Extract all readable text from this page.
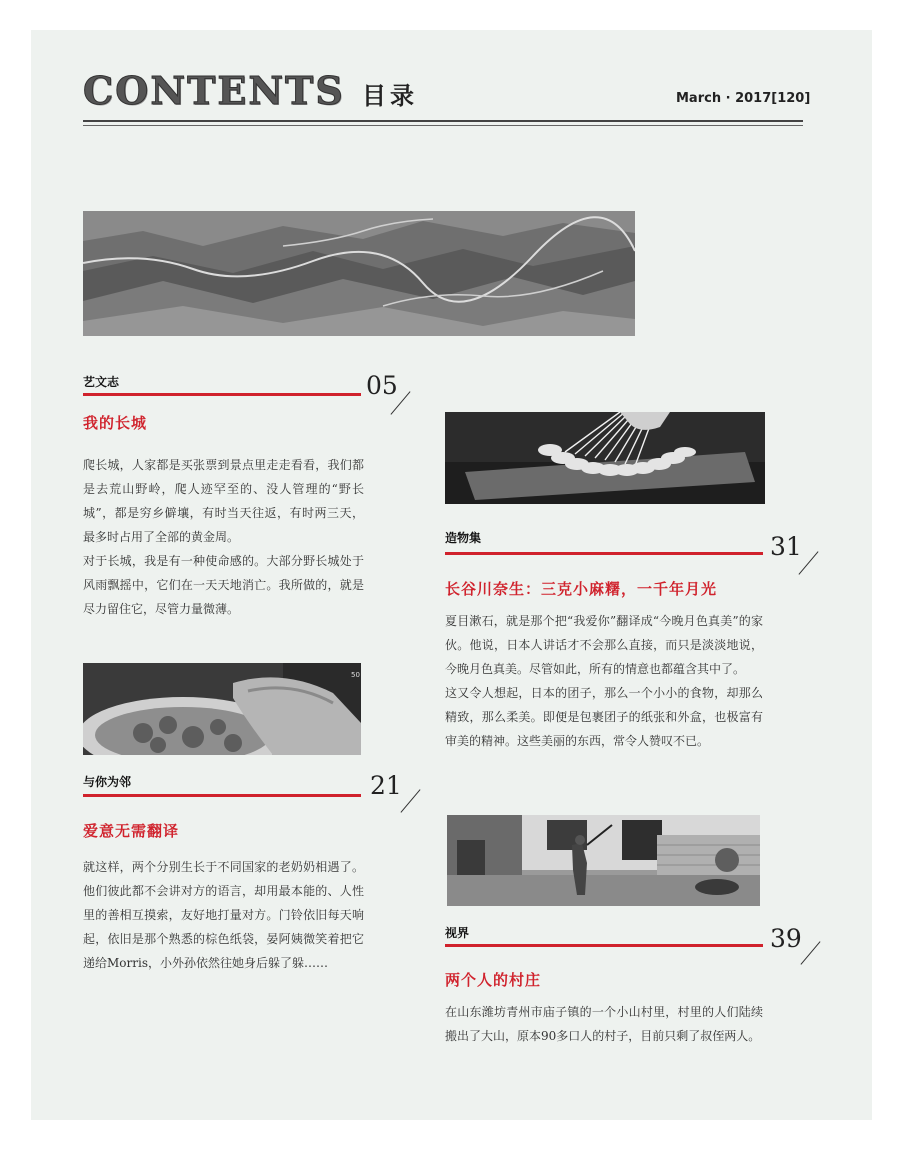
CONTENTS 目录	March · 2017[120]
艺文志	05
我的长城

爬长城，人家都是买张票到景点里走走看看，我们都是去荒山野岭，爬人迹罕至的、没人管理的“野长城”，都是穷乡僻壤，有时当天往返，有时两三天，最多时占用了全部的黄金周。

对于长城，我是有一种使命感的。大部分野长城处于风雨飘摇中，它们在一天天地消亡。我所做的，就是尽力留住它，尽管力量微薄。

50
与你为邻	21
爱意无需翻译

就这样，两个分别生长于不同国家的老奶奶相遇了。他们彼此都不会讲对方的语言，却用最本能的、人性里的善相互摸索，友好地打量对方。门铃依旧每天响起，依旧是那个熟悉的棕色纸袋，晏阿姨微笑着把它递给Morris，小外孙依然往她身后躲了躲……

造物集	31
长谷川奈生：三克小麻糬，一千年月光

夏目漱石，就是那个把“我爱你”翻译成“今晚月色真美”的家伙。他说，日本人讲话才不会那么直接，而只是淡淡地说，今晚月色真美。尽管如此，所有的情意也都蕴含其中了。

这又令人想起，日本的团子，那么一个小小的食物，却那么精致，那么柔美。即便是包裹团子的纸张和外盒，也极富有审美的精神。这些美丽的东西，常令人赞叹不已。

视界	39
两个人的村庄

在山东潍坊青州市庙子镇的一个小山村里，村里的人们陆续搬出了大山，原本90多口人的村子，目前只剩了叔侄两人。
